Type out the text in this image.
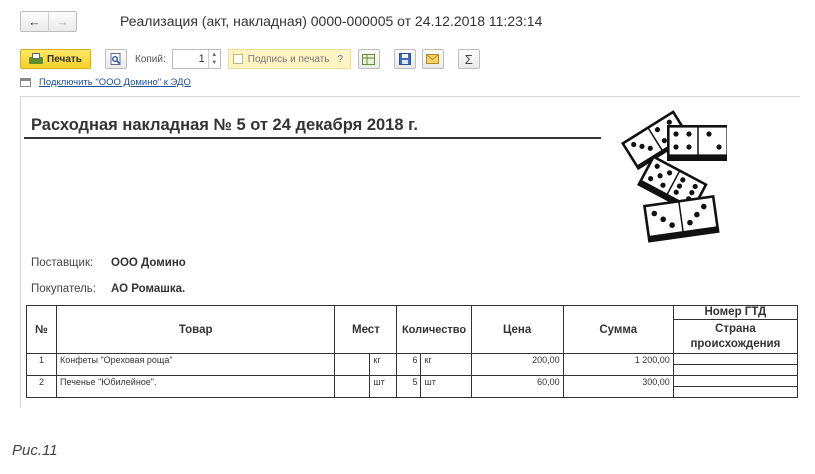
← →	Реализация (акт, накладная) 0000-000005 от 24.12.2018 11:23:14
Печать	Копий:	1	▲
▼	Подпись и печать ?	Σ
Подключить "ООО Домино" к ЭДО
Расходная накладная № 5 от 24 декабря 2018 г.
Поставщик: ООО Домино
Покупатель: АО Ромашка.
№	Товар	Мест		Количество		Цена	Сумма	Номер ГТД
Страна происхождения

1	Конфеты "Ореховая роща"		кг	6	кг	200,00	1 200,00	

2	Печенье "Юбилейное".		шт	5	шт	60,00	300,00	
Рис.11
